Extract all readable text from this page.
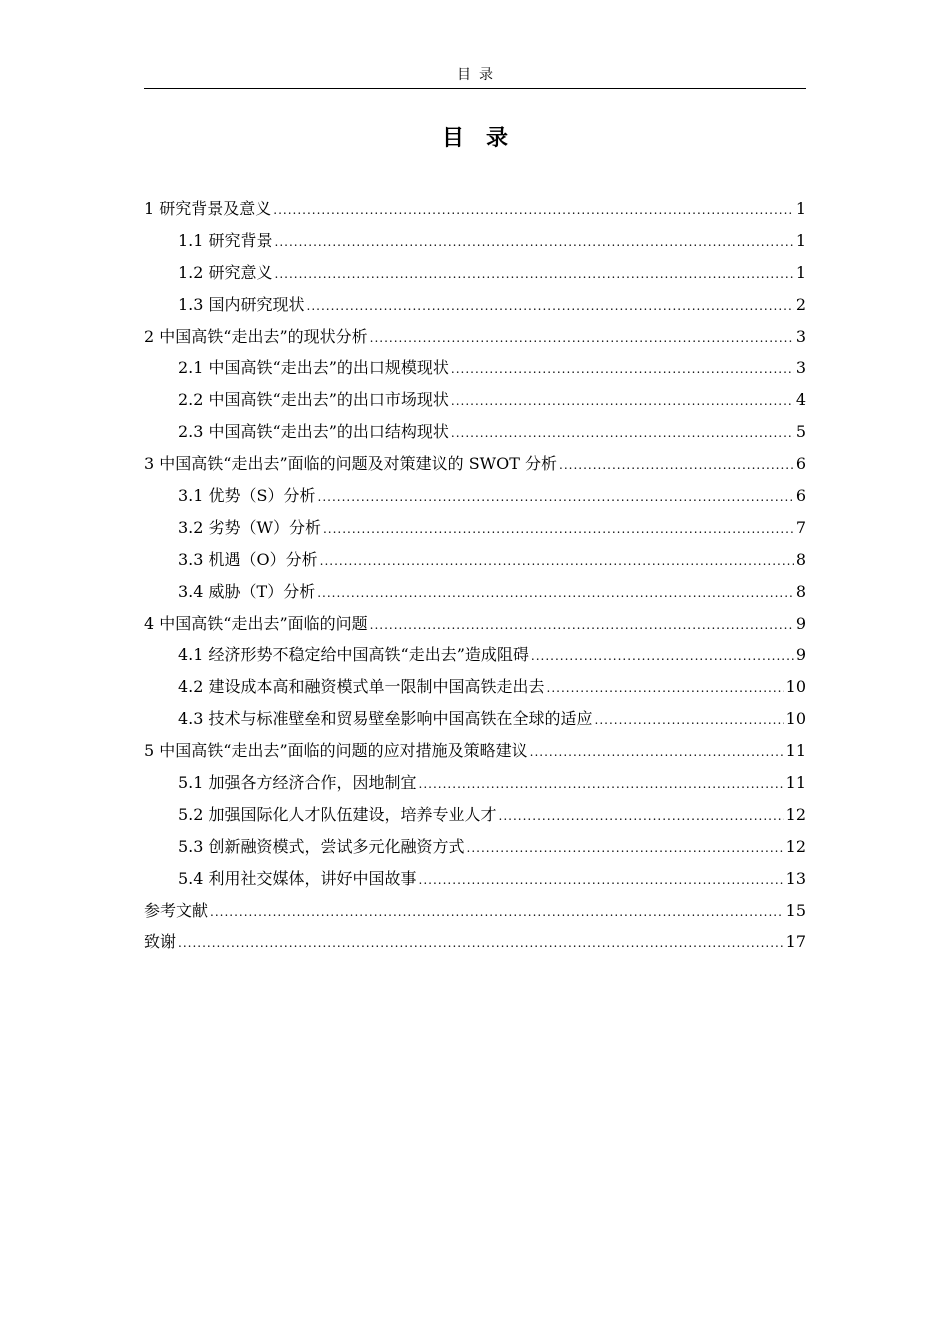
目录
目录
1 研究背景及意义 .....	1
1.1 研究背景 .....	1
1.2 研究意义 .....	1
1.3 国内研究现状 .....	2
2 中国高铁“走出去”的现状分析 .....	3
2.1 中国高铁“走出去”的出口规模现状 .....	3
2.2 中国高铁“走出去”的出口市场现状 .....	4
2.3 中国高铁“走出去”的出口结构现状 .....	5
3 中国高铁“走出去”面临的问题及对策建议的 SWOT 分析 .....	6
3.1 优势（S）分析 .....	6
3.2 劣势（W）分析 .....	7
3.3 机遇（O）分析 .....	8
3.4 威胁（T）分析 .....	8
4 中国高铁“走出去”面临的问题 .....	9
4.1 经济形势不稳定给中国高铁“走出去”造成阻碍 .....	9
4.2 建设成本高和融资模式单一限制中国高铁走出去 .....	10
4.3 技术与标准壁垒和贸易壁垒影响中国高铁在全球的适应 .....	10
5 中国高铁“走出去”面临的问题的应对措施及策略建议 .....	11
5.1 加强各方经济合作，因地制宜 .....	11
5.2 加强国际化人才队伍建设，培养专业人才 .....	12
5.3 创新融资模式，尝试多元化融资方式 .....	12
5.4 利用社交媒体，讲好中国故事 .....	13
参考文献 .....	15
致谢 .....	17
